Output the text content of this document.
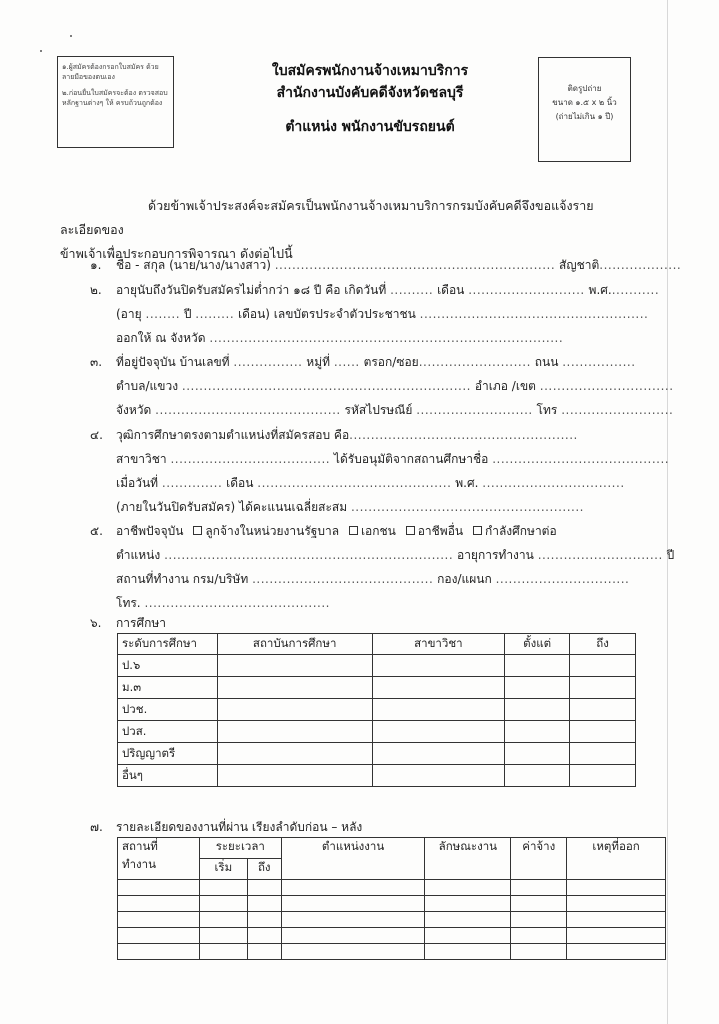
๑.ผู้สมัครต้องกรอกใบสมัคร ด้วยลายมือของตนเอง

๒.ก่อนยื่นใบสมัครจะต้อง ตรวจสอบหลักฐานต่างๆ ให้ ครบถ้วนถูกต้อง

ใบสมัครพนักงานจ้างเหมาบริการ
สำนักงานบังคับคดีจังหวัดชลบุรี
ตำแหน่ง พนักงานขับรถยนต์
ติดรูปถ่าย
ขนาด ๑.๕ x ๒ นิ้ว
(ถ่ายไม่เกิน ๑ ปี)
ด้วยข้าพเจ้าประสงค์จะสมัครเป็นพนักงานจ้างเหมาบริการกรมบังคับคดีจึงขอแจ้งรายละเอียดของ
ข้าพเจ้าเพื่อประกอบการพิจารณา ดังต่อไปนี้
๑. ชื่อ - สกุล (นาย/นาง/นางสาว) ................................................................. สัญชาติ...................
๒. อายุนับถึงวันปิดรับสมัครไม่ต่ำกว่า ๑๘ ปี คือ เกิดวันที่ .......... เดือน ........................... พ.ศ............
(อายุ ........ ปี ......... เดือน) เลขบัตรประจำตัวประชาชน .....................................................
ออกให้ ณ จังหวัด ..................................................................................
๓. ที่อยู่ปัจจุบัน บ้านเลขที่ ................ หมู่ที่ ...... ตรอก/ซอย.......................... ถนน .................
ตำบล/แขวง ................................................................... อำเภอ /เขต ...............................
จังหวัด ........................................... รหัสไปรษณีย์ ........................... โทร ..........................
๔. วุฒิการศึกษาตรงตามตำแหน่งที่สมัครสอบ คือ.....................................................
สาขาวิชา ..................................... ได้รับอนุมัติจากสถานศึกษาชื่อ .........................................
เมื่อวันที่ .............. เดือน ............................................. พ.ศ. .................................
(ภายในวันปิดรับสมัคร) ได้คะแนนเฉลี่ยสะสม ......................................................
๕. อาชีพปัจจุบัน ลูกจ้างในหน่วยงานรัฐบาล เอกชน อาชีพอื่น กำลังศึกษาต่อ
ตำแหน่ง ................................................................... อายุการทำงาน ............................. ปี
สถานที่ทำงาน กรม/บริษัท .......................................... กอง/แผนก ...............................
โทร. ...........................................
๖. การศึกษา
ระดับการศึกษา	สถาบันการศึกษา	สาขาวิชา	ตั้งแต่	ถึง
ป.๖				
ม.๓				
ปวช.				
ปวส.				
ปริญญาตรี				
อื่นๆ				
๗. รายละเอียดของงานที่ผ่าน เรียงลำดับก่อน – หลัง
สถานที่ ทำงาน	ระยะเวลา		ตำแหน่งงาน	ลักษณะงาน	ค่าจ้าง	เหตุที่ออก
	เริ่ม	ถึง				
